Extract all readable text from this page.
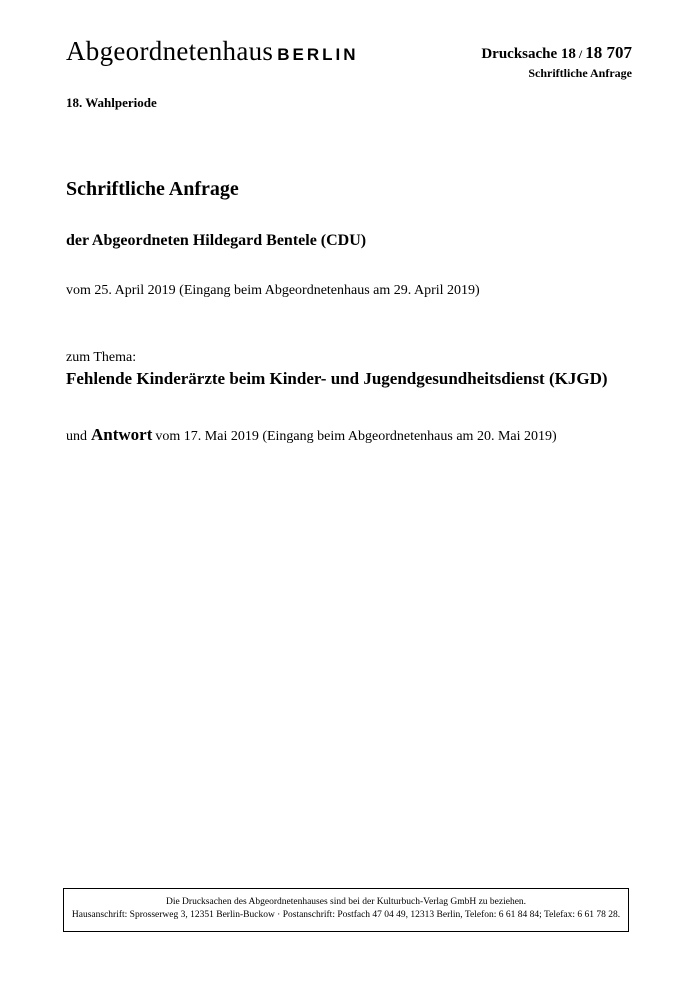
Abgeordnetenhaus BERLIN	Drucksache 18 / 18 707
Schriftliche Anfrage
18. Wahlperiode
Schriftliche Anfrage
der Abgeordneten Hildegard Bentele (CDU)
vom 25. April 2019 (Eingang beim Abgeordnetenhaus am 29. April 2019)
zum Thema:
Fehlende Kinderärzte beim Kinder- und Jugendgesundheitsdienst (KJGD)
und Antwort vom 17. Mai 2019 (Eingang beim Abgeordnetenhaus am 20. Mai 2019)
Die Drucksachen des Abgeordnetenhauses sind bei der Kulturbuch-Verlag GmbH zu beziehen.
Hausanschrift: Sprosserweg 3, 12351 Berlin-Buckow · Postanschrift: Postfach 47 04 49, 12313 Berlin, Telefon: 6 61 84 84; Telefax: 6 61 78 28.
